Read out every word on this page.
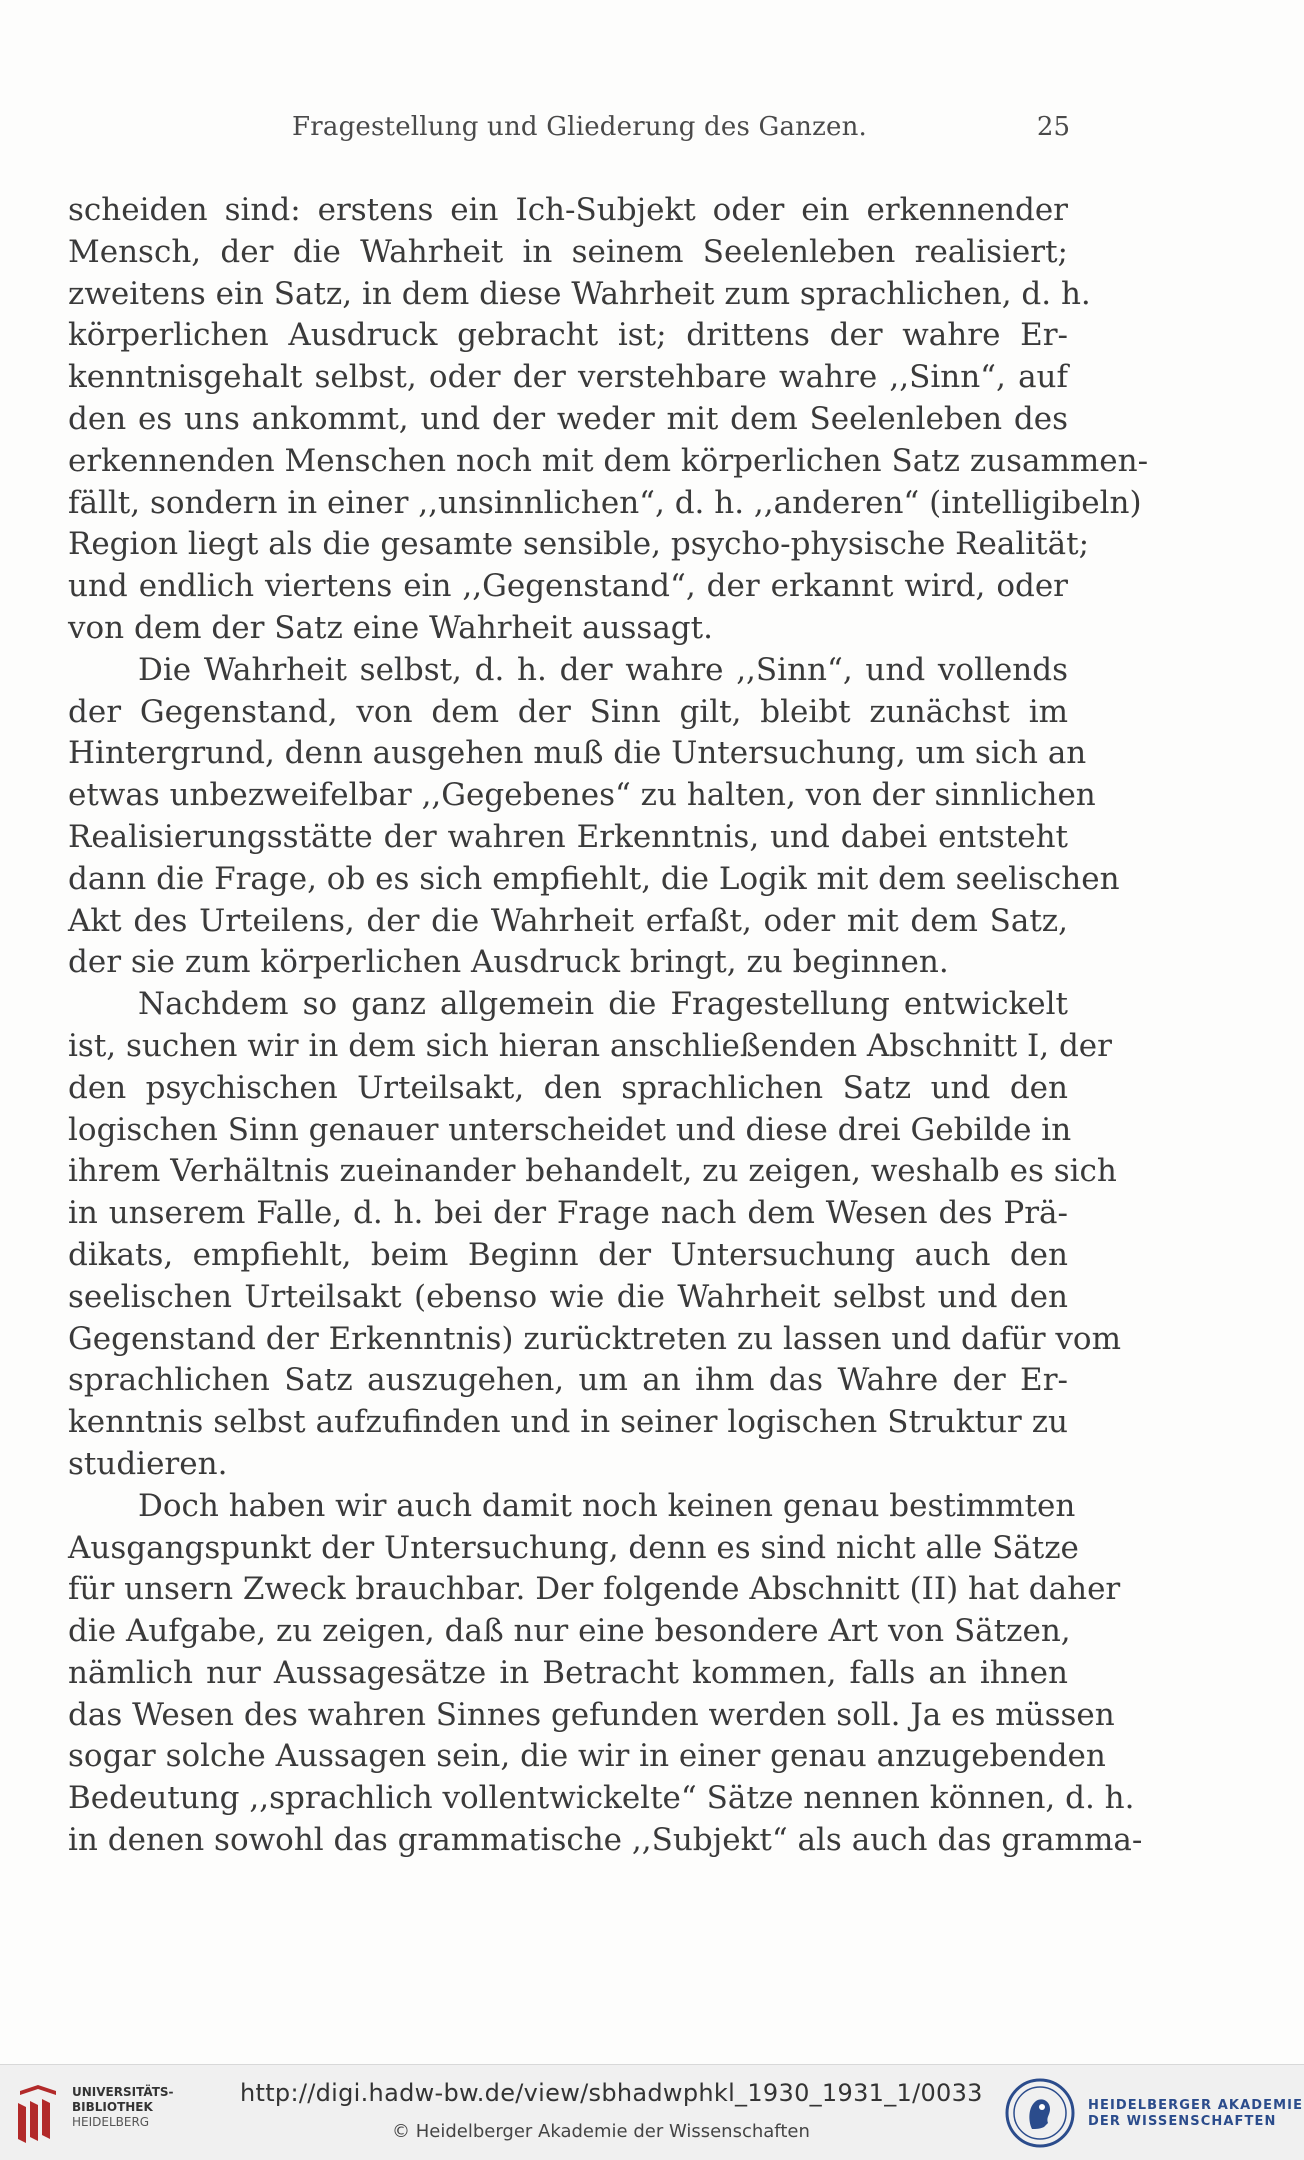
Fragestellung und Gliederung des Ganzen.	25
scheiden sind: erstens ein Ich-Subjekt oder ein erkennender
Mensch, der die Wahrheit in seinem Seelenleben realisiert;
zweitens ein Satz, in dem diese Wahrheit zum sprachlichen, d. h.
körperlichen Ausdruck gebracht ist; drittens der wahre Er-
kenntnisgehalt selbst, oder der verstehbare wahre ,,Sinn“, auf
den es uns ankommt, und der weder mit dem Seelenleben des
erkennenden Menschen noch mit dem körperlichen Satz zusammen-
fällt, sondern in einer ,,unsinnlichen“, d. h. ,,anderen“ (intelligibeln)
Region liegt als die gesamte sensible, psycho-physische Realität;
und endlich viertens ein ,,Gegenstand“, der erkannt wird, oder
von dem der Satz eine Wahrheit aussagt.
Die Wahrheit selbst, d. h. der wahre ,,Sinn“, und vollends
der Gegenstand, von dem der Sinn gilt, bleibt zunächst im
Hintergrund, denn ausgehen muß die Untersuchung, um sich an
etwas unbezweifelbar ,,Gegebenes“ zu halten, von der sinnlichen
Realisierungsstätte der wahren Erkenntnis, und dabei entsteht
dann die Frage, ob es sich empfiehlt, die Logik mit dem seelischen
Akt des Urteilens, der die Wahrheit erfaßt, oder mit dem Satz,
der sie zum körperlichen Ausdruck bringt, zu beginnen.
Nachdem so ganz allgemein die Fragestellung entwickelt
ist, suchen wir in dem sich hieran anschließenden Abschnitt I, der
den psychischen Urteilsakt, den sprachlichen Satz und den
logischen Sinn genauer unterscheidet und diese drei Gebilde in
ihrem Verhältnis zueinander behandelt, zu zeigen, weshalb es sich
in unserem Falle, d. h. bei der Frage nach dem Wesen des Prä-
dikats, empfiehlt, beim Beginn der Untersuchung auch den
seelischen Urteilsakt (ebenso wie die Wahrheit selbst und den
Gegenstand der Erkenntnis) zurücktreten zu lassen und dafür vom
sprachlichen Satz auszugehen, um an ihm das Wahre der Er-
kenntnis selbst aufzufinden und in seiner logischen Struktur zu
studieren.
Doch haben wir auch damit noch keinen genau bestimmten
Ausgangspunkt der Untersuchung, denn es sind nicht alle Sätze
für unsern Zweck brauchbar. Der folgende Abschnitt (II) hat daher
die Aufgabe, zu zeigen, daß nur eine besondere Art von Sätzen,
nämlich nur Aussagesätze in Betracht kommen, falls an ihnen
das Wesen des wahren Sinnes gefunden werden soll. Ja es müssen
sogar solche Aussagen sein, die wir in einer genau anzugebenden
Bedeutung ,,sprachlich vollentwickelte“ Sätze nennen können, d. h.
in denen sowohl das grammatische ,,Subjekt“ als auch das gramma-
UNIVERSITÄTS-
BIBLIOTHEK
HEIDELBERG
http://digi.hadw-bw.de/view/sbhadwphkl_1930_1931_1/0033
© Heidelberger Akademie der Wissenschaften
HEIDELBERGER AKADEMIE
DER WISSENSCHAFTEN
